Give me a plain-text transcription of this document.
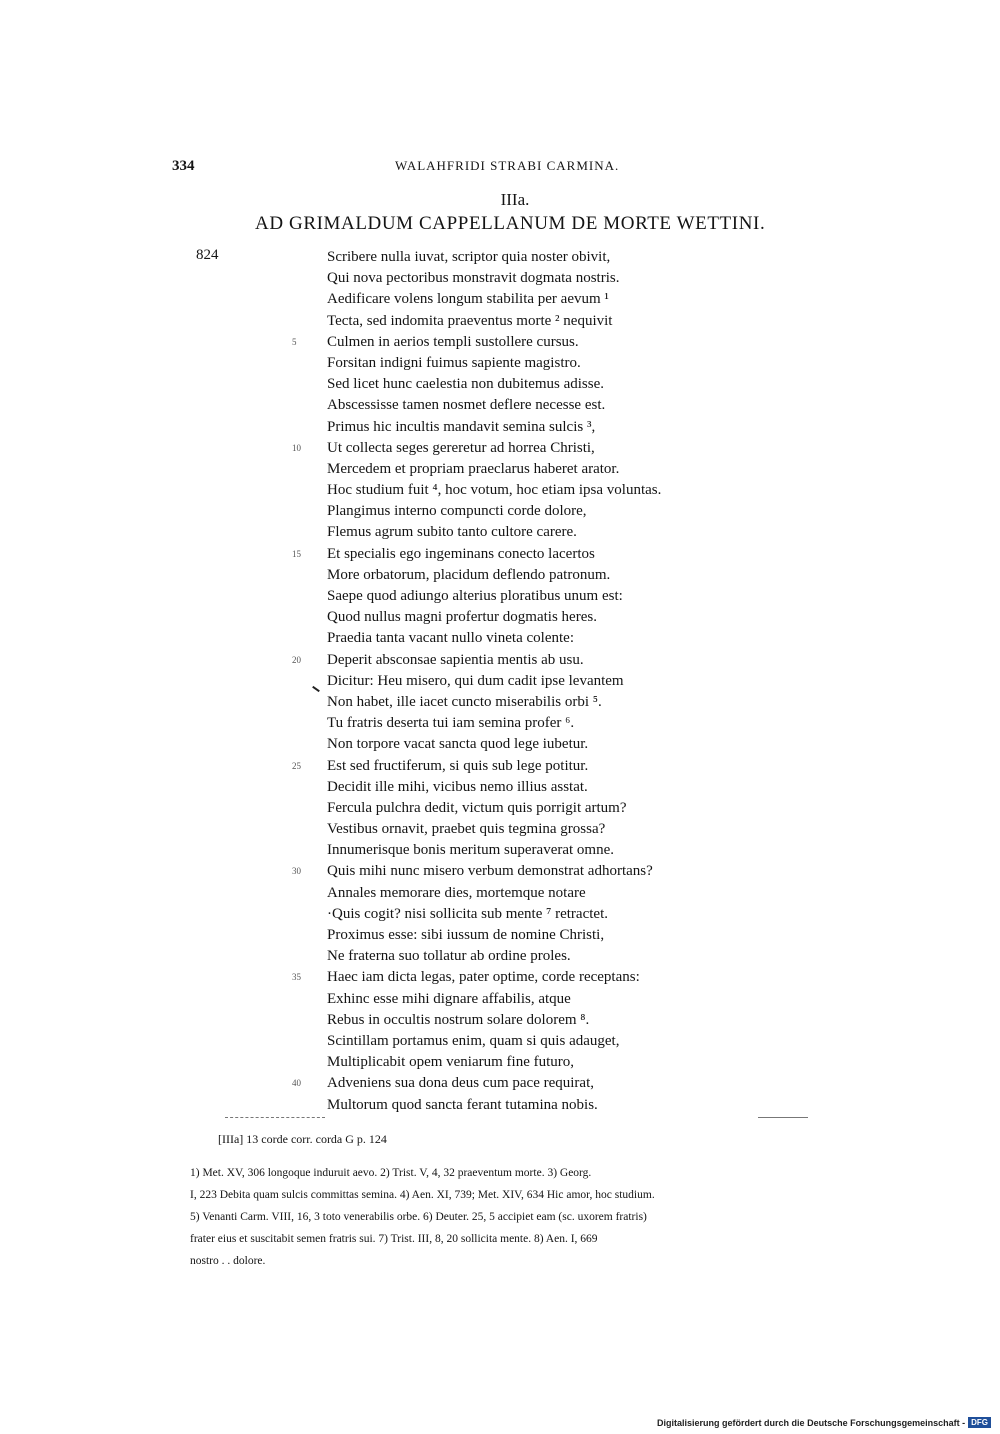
334	WALAHFRIDI STRABI CARMINA.
IIIa.
AD GRIMALDUM CAPPELLANUM DE MORTE WETTINI.
824	Scribere nulla iuvat, scriptor quia noster obivit,
Qui nova pectoribus monstravit dogmata nostris.
Aedificare volens longum stabilita per aevum ¹
Tecta, sed indomita praeventus morte ² nequivit
5 Culmen in aerios templi sustollere cursus.
Forsitan indigni fuimus sapiente magistro.
Sed licet hunc caelestia non dubitemus adisse.
Abscessisse tamen nosmet deflere necesse est.
Primus hic incultis mandavit semina sulcis ³,
10 Ut collecta seges gereretur ad horrea Christi,
Mercedem et propriam praeclarus haberet arator.
Hoc studium fuit ⁴, hoc votum, hoc etiam ipsa voluntas.
Plangimus interno compuncti corde dolore,
Flemus agrum subito tanto cultore carere.
15 Et specialis ego ingeminans conecto lacertos
More orbatorum, placidum deflendo patronum.
Saepe quod adiungo alterius ploratibus unum est:
Quod nullus magni profertur dogmatis heres.
Praedia tanta vacant nullo vineta colente:
20 Deperit absconsae sapientia mentis ab usu.
Dicitur: Heu misero, qui dum cadit ipse levantem
Non habet, ille iacet cuncto miserabilis orbi ⁵.
Tu fratris deserta tui iam semina profer ⁶.
Non torpore vacat sancta quod lege iubetur.
25 Est sed fructiferum, si quis sub lege potitur.
Decidit ille mihi, vicibus nemo illius asstat.
Fercula pulchra dedit, victum quis porrigit artum?
Vestibus ornavit, praebet quis tegmina grossa?
Innumerisque bonis meritum superaverat omne.
30 Quis mihi nunc misero verbum demonstrat adhortans?
Annales memorare dies, mortemque notare
·Quis cogit? nisi sollicita sub mente ⁷ retractet.
Proximus esse: sibi iussum de nomine Christi,
Ne fraterna suo tollatur ab ordine proles.
35 Haec iam dicta legas, pater optime, corde receptans:
Exhinc esse mihi dignare affabilis, atque
Rebus in occultis nostrum solare dolorem ⁸.
Scintillam portamus enim, quam si quis adauget,
Multiplicabit opem veniarum fine futuro,
40 Adveniens sua dona deus cum pace requirat,
Multorum quod sancta ferant tutamina nobis.
[IIIa] 13 corde corr. corda G p. 124
1) Met. XV, 306 longoque induruit aevo. 2) Trist. V, 4, 32 praeventum morte. 3) Georg.
I, 223 Debita quam sulcis committas semina. 4) Aen. XI, 739; Met. XIV, 634 Hic amor, hoc studium.
5) Venanti Carm. VIII, 16, 3 toto venerabilis orbe. 6) Deuter. 25, 5 accipiet eam (sc. uxorem fratris)
frater eius et suscitabit semen fratris sui. 7) Trist. III, 8, 20 sollicita mente. 8) Aen. I, 669
nostro . . dolore.
Digitalisierung gefördert durch die Deutsche Forschungsgemeinschaft - DFG
